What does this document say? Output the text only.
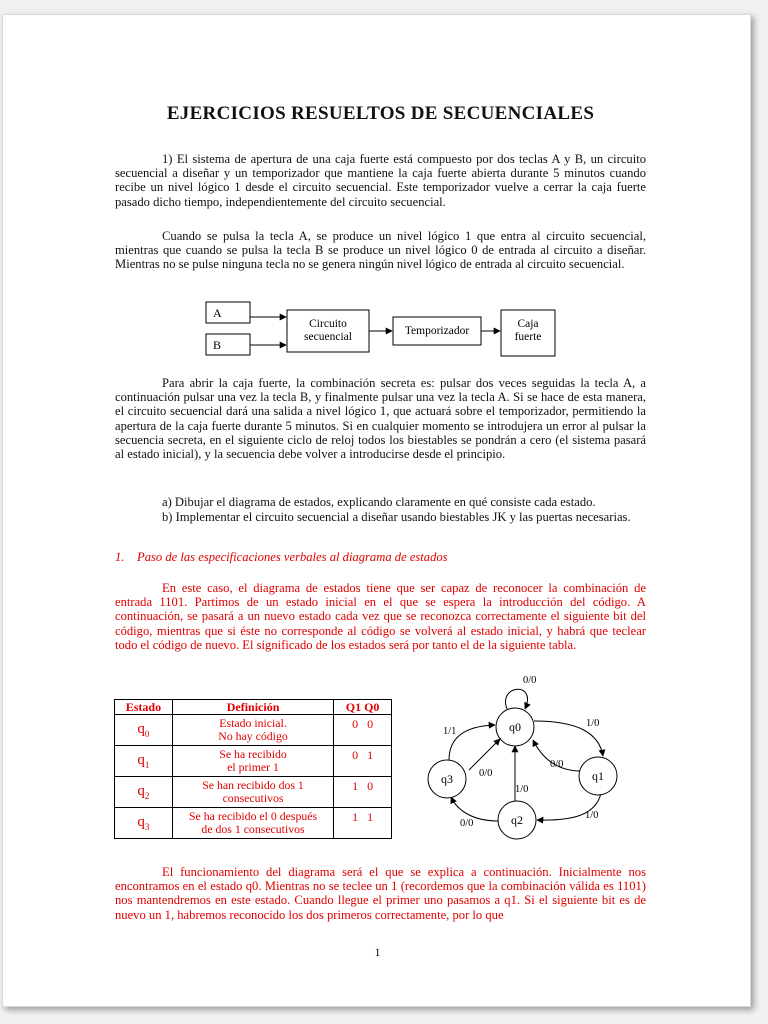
EJERCICIOS RESUELTOS DE SECUENCIALES

1) El sistema de apertura de una caja fuerte está compuesto por dos teclas A y B, un circuito secuencial a diseñar y un temporizador que mantiene la caja fuerte abierta durante 5 minutos cuando recibe un nivel lógico 1 desde el circuito secuencial. Este temporizador vuelve a cerrar la caja fuerte pasado dicho tiempo, independientemente del circuito secuencial.

Cuando se pulsa la tecla A, se produce un nivel lógico 1 que entra al circuito secuencial, mientras que cuando se pulsa la tecla B se produce un nivel lógico 0 de entrada al circuito a diseñar. Mientras no se pulse ninguna tecla no se genera ningún nivel lógico de entrada al circuito secuencial.

A
B
Circuito
secuencial	Temporizador
Caja
fuerte

Para abrir la caja fuerte, la combinación secreta es: pulsar dos veces seguidas la tecla A, a continuación pulsar una vez la tecla B, y finalmente pulsar una vez la tecla A. Si se hace de esta manera, el circuito secuencial dará una salida a nivel lógico 1, que actuará sobre el temporizador, permitiendo la apertura de la caja fuerte durante 5 minutos. Si en cualquier momento se introdujera un error al pulsar la secuencia secreta, en el siguiente ciclo de reloj todos los biestables se pondrán a cero (el sistema pasará al estado inicial), y la secuencia debe volver a introducirse desde el principio.

a) Dibujar el diagrama de estados, explicando claramente en qué consiste cada estado.

b) Implementar el circuito secuencial a diseñar usando biestables JK y las puertas necesarias.

1. Paso de las especificaciones verbales al diagrama de estados

En este caso, el diagrama de estados tiene que ser capaz de reconocer la combinación de entrada 1101. Partimos de un estado inicial en el que se espera la introducción del código. A continuación, se pasará a un nuevo estado cada vez que se reconozca correctamente el siguiente bit del código, mientras que si éste no corresponde al código se volverá al estado inicial, y habrá que teclear todo el código de nuevo. El significado de los estados será por tanto el de la siguiente tabla.

Estado	Definición	Q1 Q0
$q_0$	Estado inicial.
No hay código	0   0
$q_1$	Se ha recibido
el primer 1	0   1
$q_2$	Se han recibido dos 1
consecutivos	1   0
$q_3$	Se ha recibido el 0 después
de dos 1 consecutivos	1   1
q0
q1
q2
q3
0/0
1/0
0/0
1/0
1/0
0/0
0/0
1/1

El funcionamiento del diagrama será el que se explica a continuación. Inicialmente nos encontramos en el estado q0. Mientras no se teclee un 1 (recordemos que la combinación válida es 1101) nos mantendremos en este estado. Cuando llegue el primer uno pasamos a q1. Si el siguiente bit es de nuevo un 1, habremos reconocido los dos primeros correctamente, por lo que

1
